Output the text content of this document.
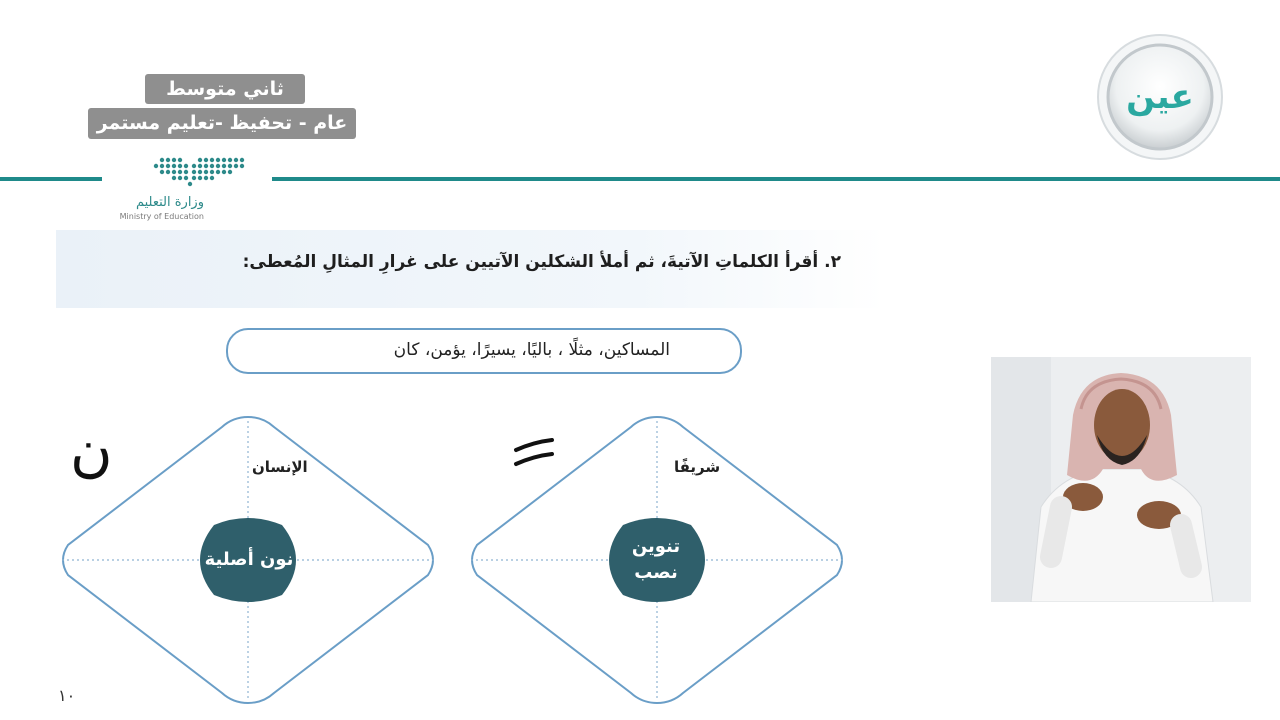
ثاني متوسط
عام - تحفيظ -تعليم مستمر
وزارة التعليم
Ministry of Education
عين
٢. أقرأ الكلماتِ الآتيةَ، ثم أملأ الشكلين الآتيين على غرارِ المثالِ المُعطى:
المساكين، مثلًا ، باليًا، يسيرًا، يؤمن، كان
الإنسان
نون أصلية
ن	شريفًا
تنوين
نصب
١٠
